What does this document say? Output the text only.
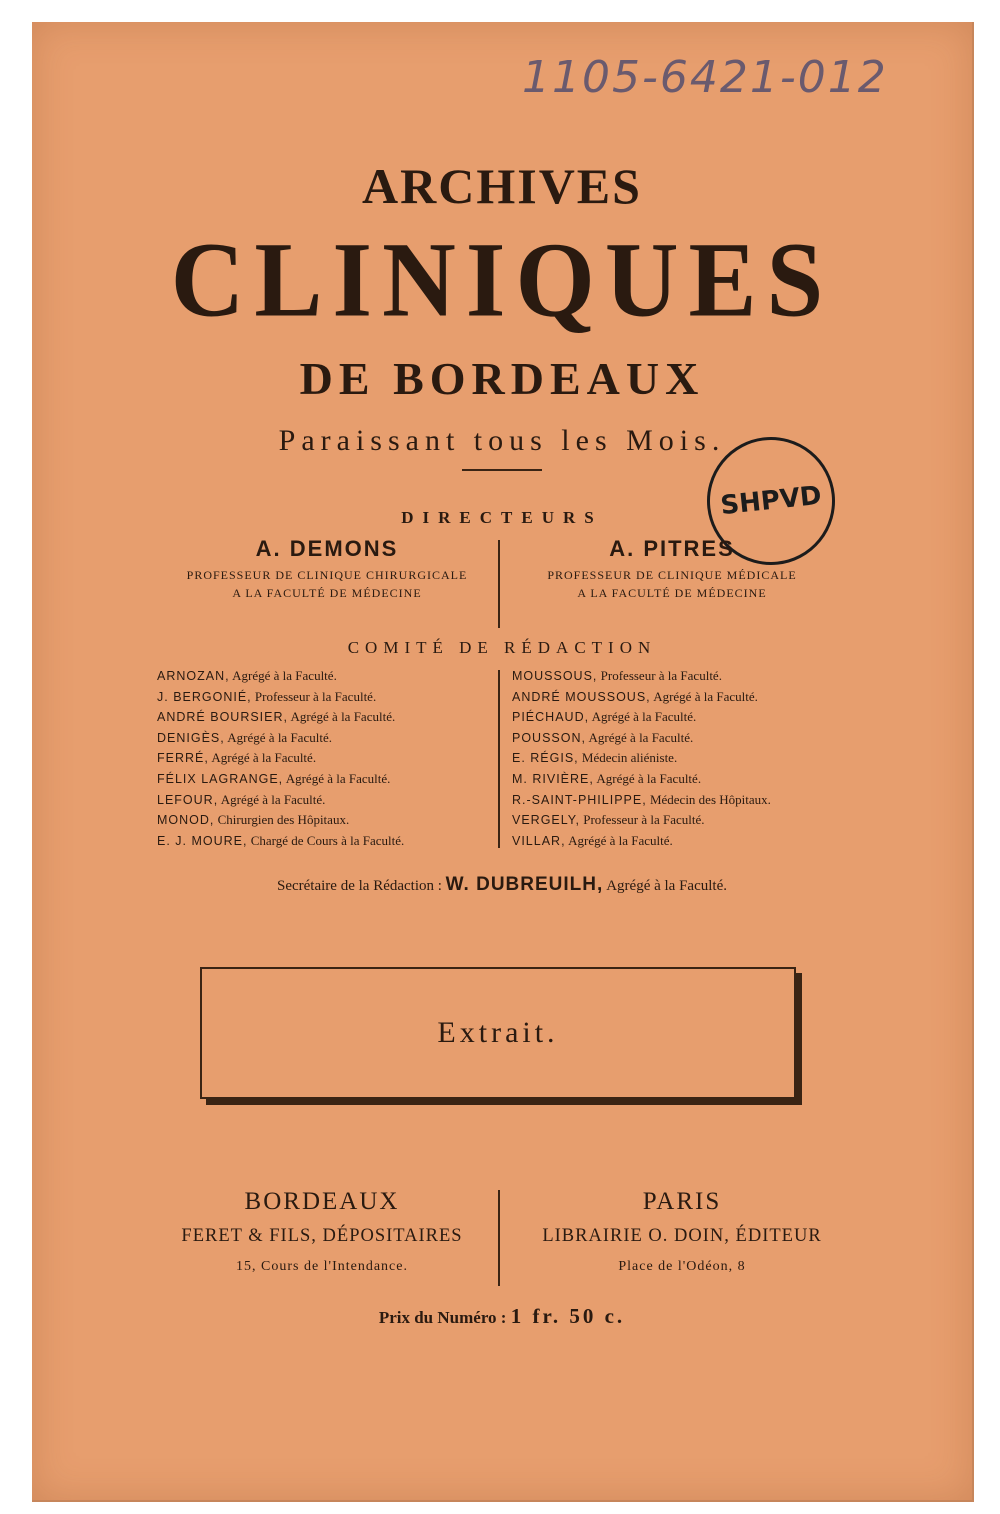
1105-6421-012
ARCHIVES
CLINIQUES
DE BORDEAUX
Paraissant tous les Mois.
SHPVD
DIRECTEURS
A. DEMONS
PROFESSEUR DE CLINIQUE CHIRURGICALE
A LA FACULTÉ DE MÉDECINE
A. PITRES
PROFESSEUR DE CLINIQUE MÉDICALE
A LA FACULTÉ DE MÉDECINE
COMITÉ DE RÉDACTION
ARNOZAN, Agrégé à la Faculté.
J. BERGONIÉ, Professeur à la Faculté.
ANDRÉ BOURSIER, Agrégé à la Faculté.
DENIGÈS, Agrégé à la Faculté.
FERRÉ, Agrégé à la Faculté.
FÉLIX LAGRANGE, Agrégé à la Faculté.
LEFOUR, Agrégé à la Faculté.
MONOD, Chirurgien des Hôpitaux.
E. J. MOURE, Chargé de Cours à la Faculté.
MOUSSOUS, Professeur à la Faculté.
ANDRÉ MOUSSOUS, Agrégé à la Faculté.
PIÉCHAUD, Agrégé à la Faculté.
POUSSON, Agrégé à la Faculté.
E. RÉGIS, Médecin aliéniste.
M. RIVIÈRE, Agrégé à la Faculté.
R.-SAINT-PHILIPPE, Médecin des Hôpitaux.
VERGELY, Professeur à la Faculté.
VILLAR, Agrégé à la Faculté.
Secrétaire de la Rédaction : W. DUBREUILH, Agrégé à la Faculté.
Extrait.
BORDEAUX
FERET & FILS, DÉPOSITAIRES
15, Cours de l'Intendance.
PARIS
LIBRAIRIE O. DOIN, ÉDITEUR
Place de l'Odéon, 8
Prix du Numéro : 1 fr. 50 c.
